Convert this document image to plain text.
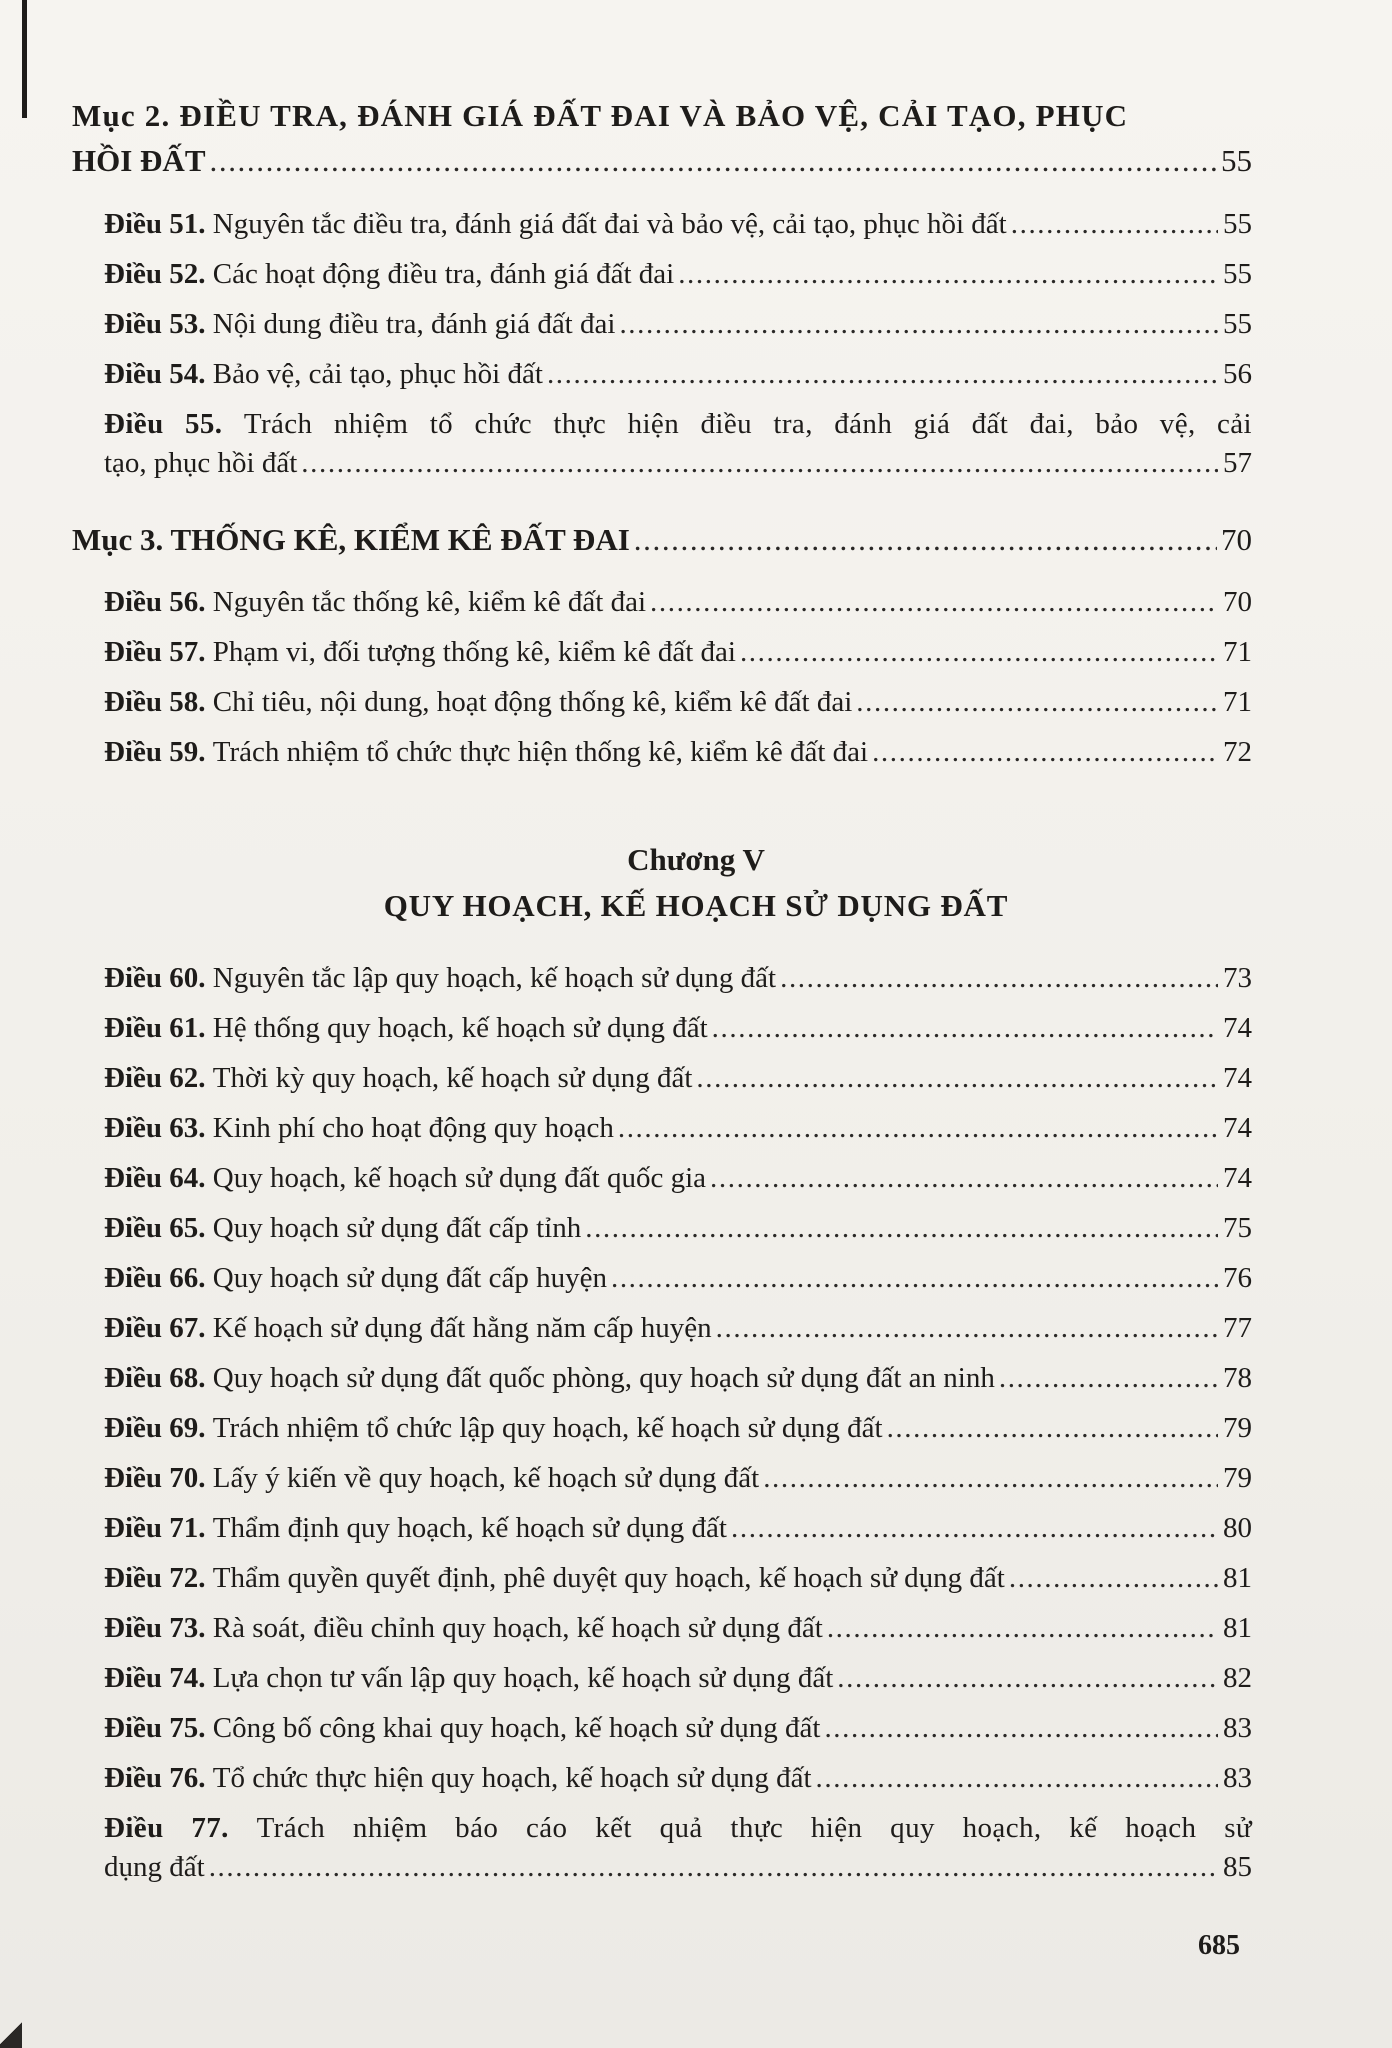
Mục 2. ĐIỀU TRA, ĐÁNH GIÁ ĐẤT ĐAI VÀ BẢO VỆ, CẢI TẠO, PHỤC
HỒI ĐẤT .....	55
Điều 51.
Nguyên tắc điều tra, đánh giá đất đai và bảo vệ, cải tạo, phục hồi đất .....	55
Điều 52.
Các hoạt động điều tra, đánh giá đất đai .....	55
Điều 53.
Nội dung điều tra, đánh giá đất đai .....	55
Điều 54.
Bảo vệ, cải tạo, phục hồi đất .....	56
Điều 55. Trách nhiệm tổ chức thực hiện điều tra, đánh giá đất đai, bảo vệ, cải
tạo, phục hồi đất .....	57
Mục 3. THỐNG KÊ, KIỂM KÊ ĐẤT ĐAI .....	70
Điều 56.
Nguyên tắc thống kê, kiểm kê đất đai .....	70
Điều 57.
Phạm vi, đối tượng thống kê, kiểm kê đất đai .....	71
Điều 58.
Chỉ tiêu, nội dung, hoạt động thống kê, kiểm kê đất đai .....	71
Điều 59.
Trách nhiệm tổ chức thực hiện thống kê, kiểm kê đất đai .....	72
Chương V
QUY HOẠCH, KẾ HOẠCH SỬ DỤNG ĐẤT
Điều 60.
Nguyên tắc lập quy hoạch, kế hoạch sử dụng đất .....	73
Điều 61.
Hệ thống quy hoạch, kế hoạch sử dụng đất .....	74
Điều 62.
Thời kỳ quy hoạch, kế hoạch sử dụng đất .....	74
Điều 63.
Kinh phí cho hoạt động quy hoạch .....	74
Điều 64.
Quy hoạch, kế hoạch sử dụng đất quốc gia .....	74
Điều 65.
Quy hoạch sử dụng đất cấp tỉnh .....	75
Điều 66.
Quy hoạch sử dụng đất cấp huyện .....	76
Điều 67.
Kế hoạch sử dụng đất hằng năm cấp huyện .....	77
Điều 68.
Quy hoạch sử dụng đất quốc phòng, quy hoạch sử dụng đất an ninh .....	78
Điều 69.
Trách nhiệm tổ chức lập quy hoạch, kế hoạch sử dụng đất .....	79
Điều 70.
Lấy ý kiến về quy hoạch, kế hoạch sử dụng đất .....	79
Điều 71.
Thẩm định quy hoạch, kế hoạch sử dụng đất .....	80
Điều 72.
Thẩm quyền quyết định, phê duyệt quy hoạch, kế hoạch sử dụng đất .....	81
Điều 73.
Rà soát, điều chỉnh quy hoạch, kế hoạch sử dụng đất .....	81
Điều 74.
Lựa chọn tư vấn lập quy hoạch, kế hoạch sử dụng đất .....	82
Điều 75.
Công bố công khai quy hoạch, kế hoạch sử dụng đất .....	83
Điều 76.
Tổ chức thực hiện quy hoạch, kế hoạch sử dụng đất .....	83
Điều 77. Trách nhiệm báo cáo kết quả thực hiện quy hoạch, kế hoạch sử
dụng đất .....	85
685
